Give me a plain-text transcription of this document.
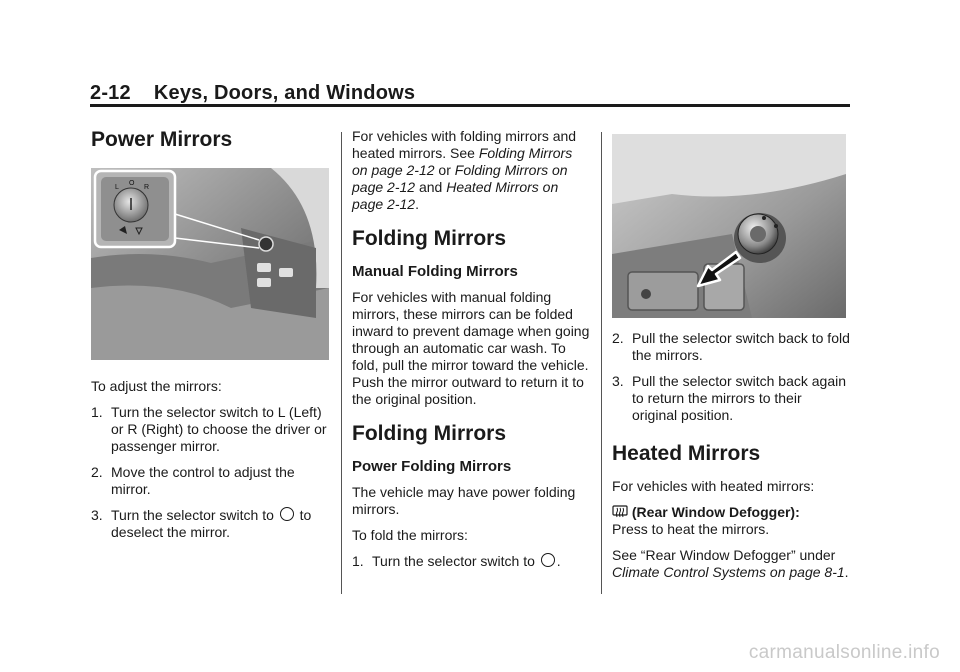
2-12 Keys, Doors, and Windows
Power Mirrors
L
O
R

To adjust the mirrors:

1. Turn the selector switch to L (Left) or R (Right) to choose the driver or passenger mirror.
2. Move the control to adjust the mirror.
3. Turn the selector switch to to deselect the mirror.

For vehicles with folding mirrors and heated mirrors. See Folding Mirrors on page 2-12 or Folding Mirrors on page 2-12 and Heated Mirrors on page 2-12.

Folding Mirrors
Manual Folding Mirrors

For vehicles with manual folding mirrors, these mirrors can be folded inward to prevent damage when going through an automatic car wash. To fold, pull the mirror toward the vehicle. Push the mirror outward to return it to the original position.

Folding Mirrors
Power Folding Mirrors

The vehicle may have power folding mirrors.

To fold the mirrors:

1. Turn the selector switch to .
2. Pull the selector switch back to fold the mirrors.
3. Pull the selector switch back again to return the mirrors to their original position.
Heated Mirrors

For vehicles with heated mirrors:

(Rear Window Defogger):
Press to heat the mirrors.

See “Rear Window Defogger” under Climate Control Systems on page 8-1.

carmanualsonline.info
